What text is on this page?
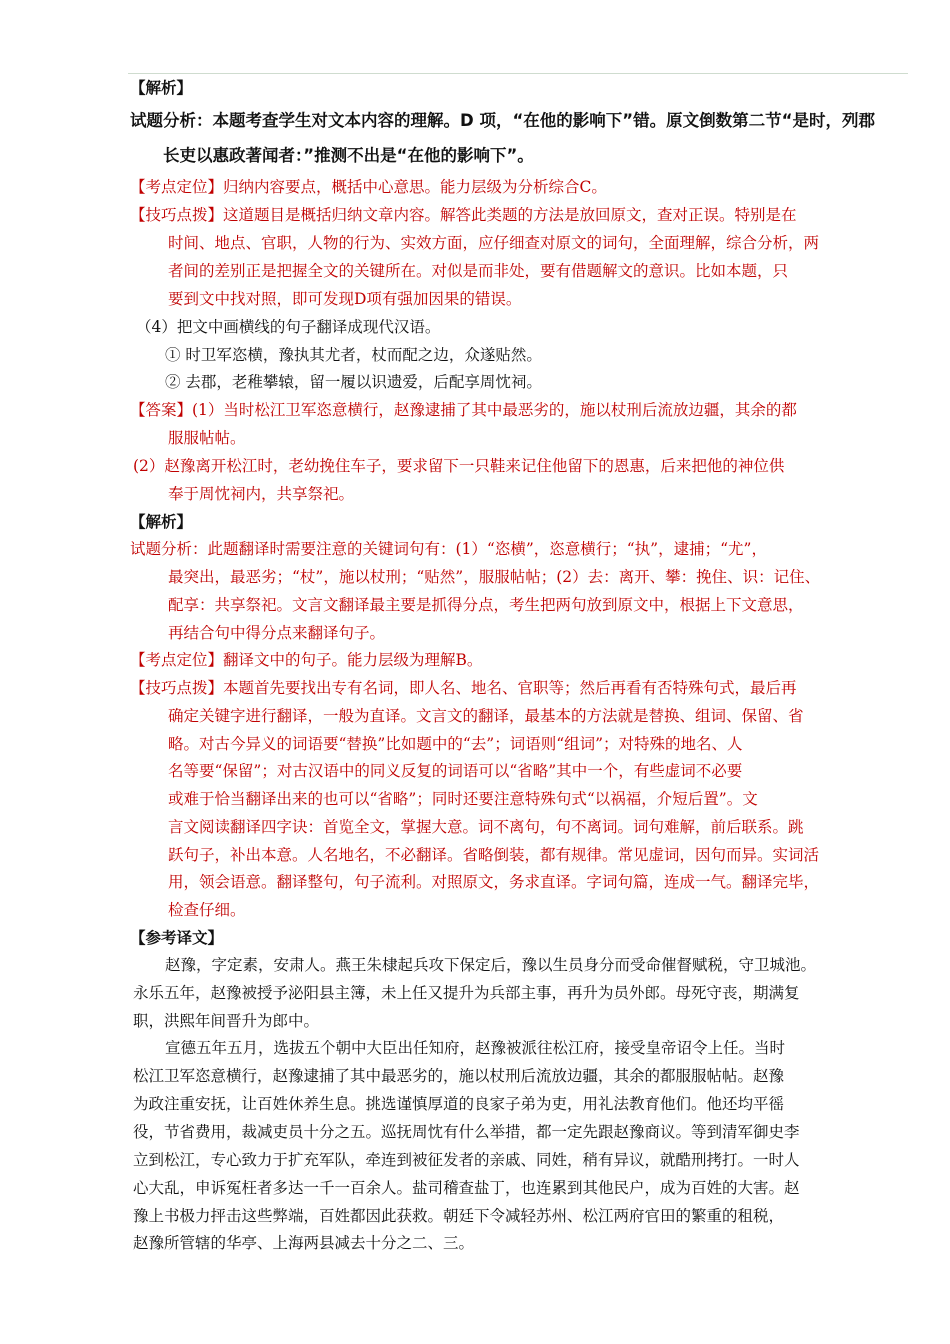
【解析】
试题分析：本题考查学生对文本内容的理解。D 项，“在他的影响下”错。原文倒数第二节“是时，列郡
长吏以惠政著闻者：”推测不出是“在他的影响下”。
【考点定位】归纳内容要点，概括中心意思。能力层级为分析综合C。
【技巧点拨】这道题目是概括归纳文章内容。解答此类题的方法是放回原文，查对正误。特别是在
时间、地点、官职，人物的行为、实效方面，应仔细查对原文的词句，全面理解，综合分析，两
者间的差别正是把握全文的关键所在。对似是而非处，要有借题解文的意识。比如本题，只
要到文中找对照，即可发现D项有强加因果的错误。
（4）把文中画横线的句子翻译成现代汉语。
① 时卫军恣横，豫执其尤者，杖而配之边，众遂贴然。
② 去郡，老稚攀辕，留一履以识遗爱，后配享周忱祠。
【答案】(1）当时松江卫军恣意横行，赵豫逮捕了其中最恶劣的，施以杖刑后流放边疆，其余的都
服服帖帖。
(2）赵豫离开松江时，老幼挽住车子，要求留下一只鞋来记住他留下的恩惠，后来把他的神位供
奉于周忱祠内，共享祭祀。
【解析】
试题分析：此题翻译时需要注意的关键词句有：(1）“恣横”，恣意横行；“执”，逮捕；“尤”，
最突出，最恶劣；“杖”，施以杖刑；“贴然”，服服帖帖；(2）去：离开、攀：挽住、识：记住、
配享：共享祭祀。文言文翻译最主要是抓得分点，考生把两句放到原文中，根据上下文意思，
再结合句中得分点来翻译句子。
【考点定位】翻译文中的句子。能力层级为理解B。
【技巧点拨】本题首先要找出专有名词，即人名、地名、官职等；然后再看有否特殊句式，最后再
确定关键字进行翻译，一般为直译。文言文的翻译，最基本的方法就是替换、组词、保留、省
略。对古今异义的词语要“替换”比如题中的“去”；词语则“组词”；对特殊的地名、人
名等要“保留”；对古汉语中的同义反复的词语可以“省略”其中一个，有些虚词不必要
或难于恰当翻译出来的也可以“省略”；同时还要注意特殊句式“以祸福，介短后置”。文
言文阅读翻译四字诀：首览全文，掌握大意。词不离句，句不离词。词句难解，前后联系。跳
跃句子，补出本意。人名地名，不必翻译。省略倒装，都有规律。常见虚词，因句而异。实词活
用，领会语意。翻译整句，句子流利。对照原文，务求直译。字词句篇，连成一气。翻译完毕，
检查仔细。
【参考译文】
赵豫，字定素，安肃人。燕王朱棣起兵攻下保定后，豫以生员身分而受命催督赋税，守卫城池。
永乐五年，赵豫被授予泌阳县主簿，未上任又提升为兵部主事，再升为员外郎。母死守丧，期满复
职，洪熙年间晋升为郎中。
宣德五年五月，选拔五个朝中大臣出任知府，赵豫被派往松江府，接受皇帝诏令上任。当时
松江卫军恣意横行，赵豫逮捕了其中最恶劣的，施以杖刑后流放边疆，其余的都服服帖帖。赵豫
为政注重安抚，让百姓休养生息。挑选谨慎厚道的良家子弟为吏，用礼法教育他们。他还均平徭
役，节省费用，裁减吏员十分之五。巡抚周忱有什么举措，都一定先跟赵豫商议。等到清军御史李
立到松江，专心致力于扩充军队，牵连到被征发者的亲戚、同姓，稍有异议，就酷刑拷打。一时人
心大乱，申诉冤枉者多达一千一百余人。盐司稽查盐丁，也连累到其他民户，成为百姓的大害。赵
豫上书极力抨击这些弊端，百姓都因此获救。朝廷下令减轻苏州、松江两府官田的繁重的租税，
赵豫所管辖的华亭、上海两县减去十分之二、三。
